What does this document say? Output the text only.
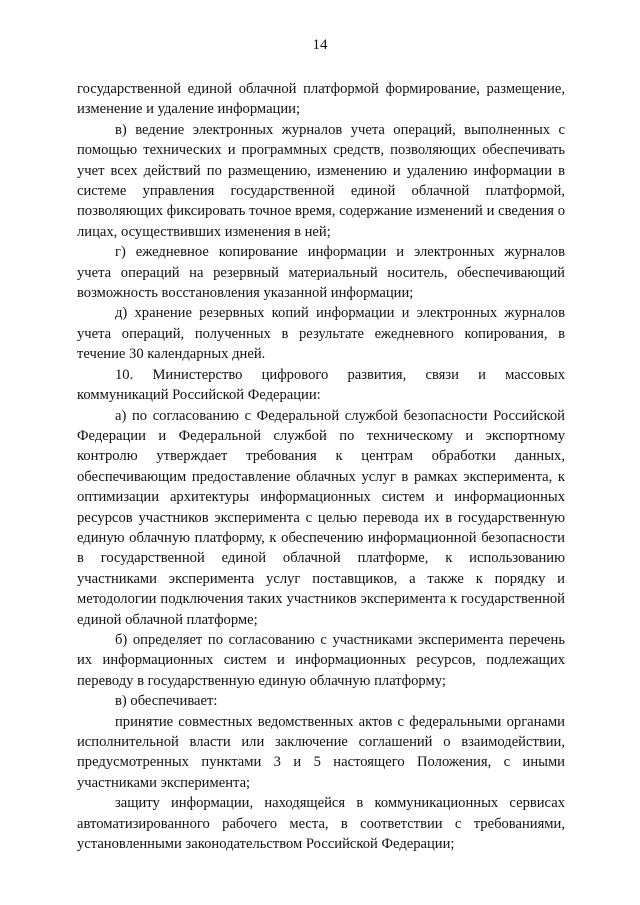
14

государственной единой облачной платформой формирование, размещение, изменение и удаление информации;

в) ведение электронных журналов учета операций, выполненных с помощью технических и программных средств, позволяющих обеспечивать учет всех действий по размещению, изменению и удалению информации в системе управления государственной единой облачной платформой, позволяющих фиксировать точное время, содержание изменений и сведения о лицах, осуществивших изменения в ней;

г) ежедневное копирование информации и электронных журналов учета операций на резервный материальный носитель, обеспечивающий возможность восстановления указанной информации;

д) хранение резервных копий информации и электронных журналов учета операций, полученных в результате ежедневного копирования, в течение 30 календарных дней.

10. Министерство цифрового развития, связи и массовых коммуникаций Российской Федерации:

а) по согласованию с Федеральной службой безопасности Российской Федерации и Федеральной службой по техническому и экспортному контролю утверждает требования к центрам обработки данных, обеспечивающим предоставление облачных услуг в рамках эксперимента, к оптимизации архитектуры информационных систем и информационных ресурсов участников эксперимента с целью перевода их в государственную единую облачную платформу, к обеспечению информационной безопасности в государственной единой облачной платформе, к использованию участниками эксперимента услуг поставщиков, а также к порядку и методологии подключения таких участников эксперимента к государственной единой облачной платформе;

б) определяет по согласованию с участниками эксперимента перечень их информационных систем и информационных ресурсов, подлежащих переводу в государственную единую облачную платформу;

в) обеспечивает:

принятие совместных ведомственных актов с федеральными органами исполнительной власти или заключение соглашений о взаимодействии, предусмотренных пунктами 3 и 5 настоящего Положения, с иными участниками эксперимента;

защиту информации, находящейся в коммуникационных сервисах автоматизированного рабочего места, в соответствии с требованиями, установленными законодательством Российской Федерации;
